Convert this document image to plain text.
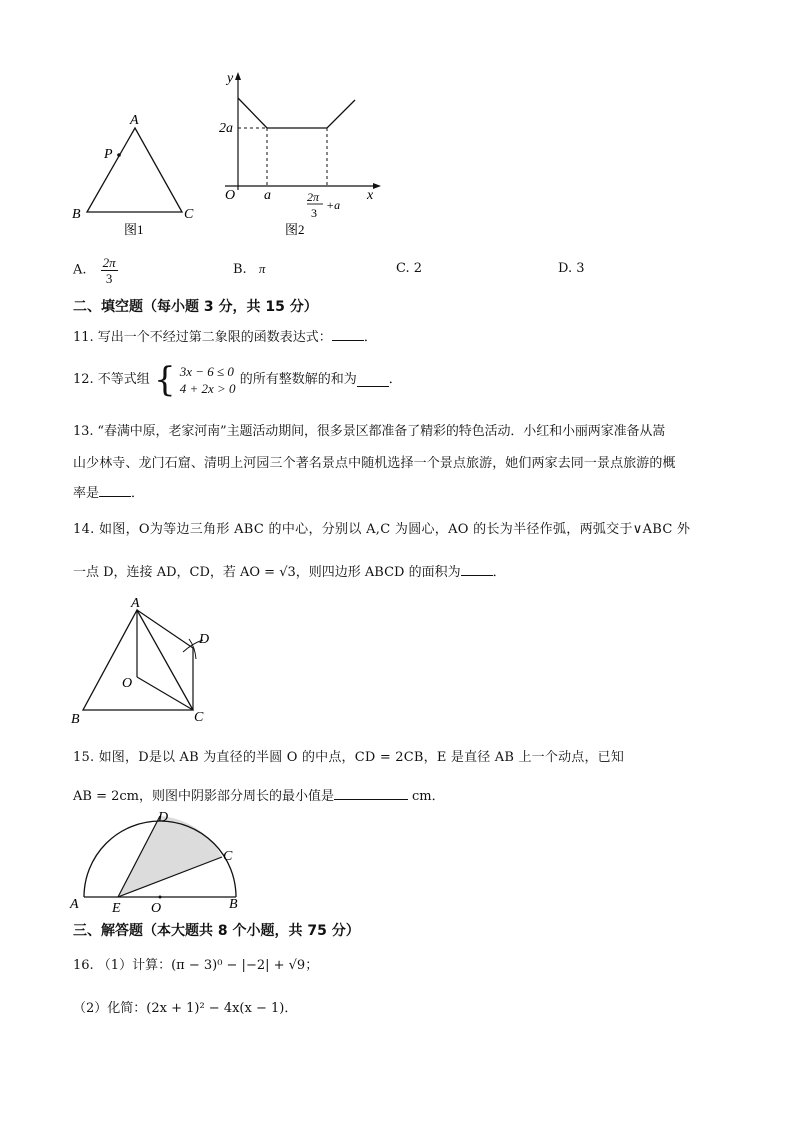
A
P
B	C
图1
y
x
O
2a
a	2π
3
+a
图2
A. $\frac{2\pi}{3}$	B. π	C. 2	D. 3
二、填空题（每小题 3 分，共 15 分）
11. 写出一个不经过第二象限的函数表达式： ．
12. 不等式组 { 3x − 6 ≤ 0
4 + 2x > 0
的所有整数解的和为 ．
13. “春满中原，老家河南”主题活动期间，很多景区都准备了精彩的特色活动．小红和小丽两家准备从嵩
山少林寺、龙门石窟、清明上河园三个著名景点中随机选择一个景点旅游，她们两家去同一景点旅游的概
率是 ．
14. 如图，O为等边三角形 ABC 的中心，分别以 A,C 为圆心，AO 的长为半径作弧，两弧交于∨ABC 外
一点 D，连接 AD，CD，若 AO = √3，则四边形 ABCD 的面积为 ．
A
D
O
B	C
15. 如图，D是以 AB 为直径的半圆 O 的中点，CD = 2CB，E 是直径 AB 上一个动点，已知
AB = 2cm，则图中阴影部分周长的最小值是	cm．
D
C
A E O	B
三、解答题（本大题共 8 个小题，共 75 分）
16. （1）计算：(π − 3)⁰ − |−2| + √9；
（2）化简：(2x + 1)² − 4x(x − 1)．
